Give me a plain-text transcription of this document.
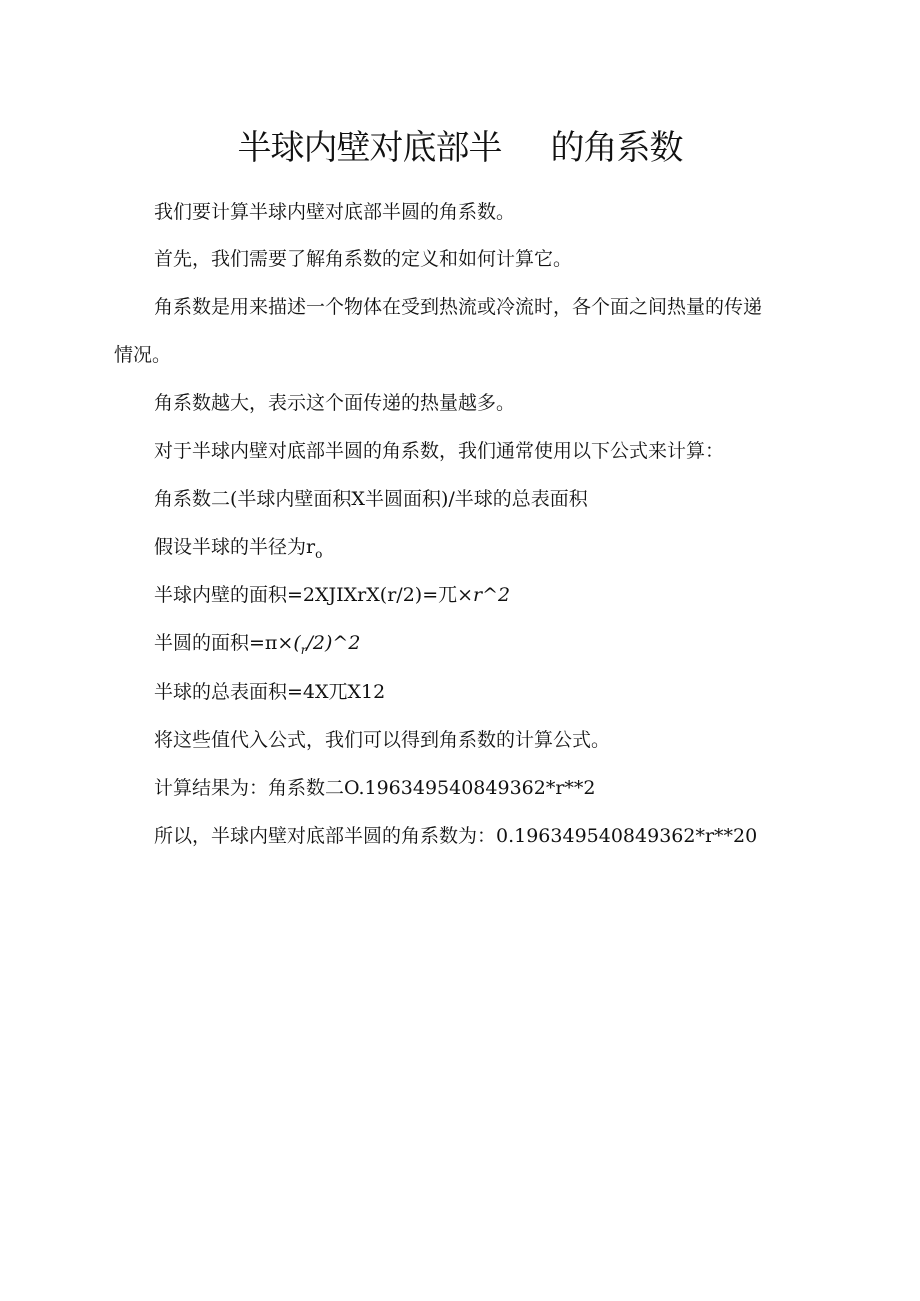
半球内壁对底部半     的角系数
我们要计算半球内壁对底部半圆的角系数。
首先，我们需要了解角系数的定义和如何计算它。
角系数是用来描述一个物体在受到热流或冷流时，各个面之间热量的传递
情况。
角系数越大，表示这个面传递的热量越多。
对于半球内壁对底部半圆的角系数，我们通常使用以下公式来计算：
角系数二(半球内壁面积X半圆面积)/半球的总表面积
假设半球的半径为$r_o$
半球内壁的面积=2XJIXrX(r/2)=兀×r^2
半圆的面积$=\pi\times(_r/2)\^{}2$
半球的总表面积=4X兀X12
将这些值代入公式，我们可以得到角系数的计算公式。
计算结果为：角系数二O.196349540849362*r**2
所以，半球内壁对底部半圆的角系数为：0.196349540849362*r**20
